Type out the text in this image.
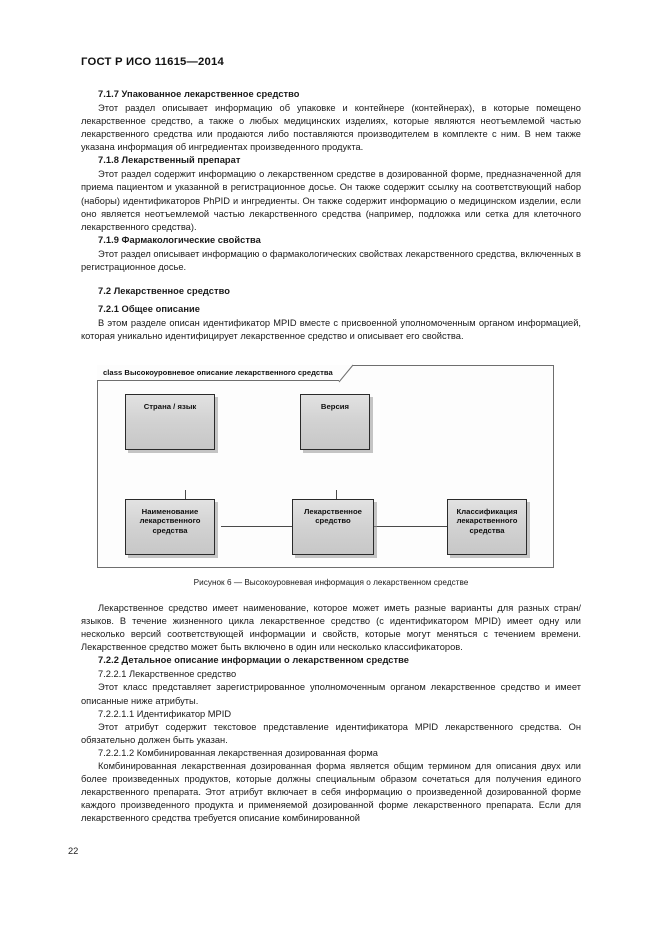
ГОСТ Р ИСО 11615—2014
7.1.7 Упакованное лекарственное средство

Этот раздел описывает информацию об упаковке и контейнере (контейнерах), в которые помещено лекарственное средство, а также о любых медицинских изделиях, которые являются неотъемлемой частью лекарственного средства или продаются либо поставляются производителем в комплекте с ним. В нем также указана информация об ингредиентах произведенного продукта.

7.1.8 Лекарственный препарат

Этот раздел содержит информацию о лекарственном средстве в дозированной форме, предназначенной для приема пациентом и указанной в регистрационное досье. Он также содержит ссылку на соответствующий набор (наборы) идентификаторов PhPID и ингредиенты. Он также содержит информацию о медицинском изделии, если оно является неотъемлемой частью лекарственного средства (например, подложка или сетка для клеточного лекарственного средства).

7.1.9 Фармакологические свойства

Этот раздел описывает информацию о фармакологических свойствах лекарственного средства, включенных в регистрационное досье.

7.2 Лекарственное средство
7.2.1 Общее описание

В этом разделе описан идентификатор MPID вместе с присвоенной уполномоченным органом информацией, которая уникально идентифицирует лекарственное средство и описывает его свойства.

class Высокоуровневое описание лекарственного средства
Страна / язык	Версия
Наименование
лекарственного
средства
Лекарственное
средство
Классификация
лекарственного
средства
Рисунок 6 — Высокоуровневая информация о лекарственном средстве

Лекарственное средство имеет наименование, которое может иметь разные варианты для разных стран/языков. В течение жизненного цикла лекарственное средство (с идентификатором MPID) имеет одну или несколько версий соответствующей информации и свойств, которые могут меняться с течением времени. Лекарственное средство может быть включено в один или несколько классификаторов.

7.2.2 Детальное описание информации о лекарственном средстве

7.2.2.1 Лекарственное средство

Этот класс представляет зарегистрированное уполномоченным органом лекарственное средство и имеет описанные ниже атрибуты.

7.2.2.1.1 Идентификатор MPID

Этот атрибут содержит текстовое представление идентификатора MPID лекарственного средства. Он обязательно должен быть указан.

7.2.2.1.2 Комбинированная лекарственная дозированная форма

Комбинированная лекарственная дозированная форма является общим термином для описания двух или более произведенных продуктов, которые должны специальным образом сочетаться для получения единого лекарственного препарата. Этот атрибут включает в себя информацию о произведенной дозированной форме каждого произведенного продукта и применяемой дозированной форме лекарственного препарата. Если для лекарственного средства требуется описание комбинированной

22
